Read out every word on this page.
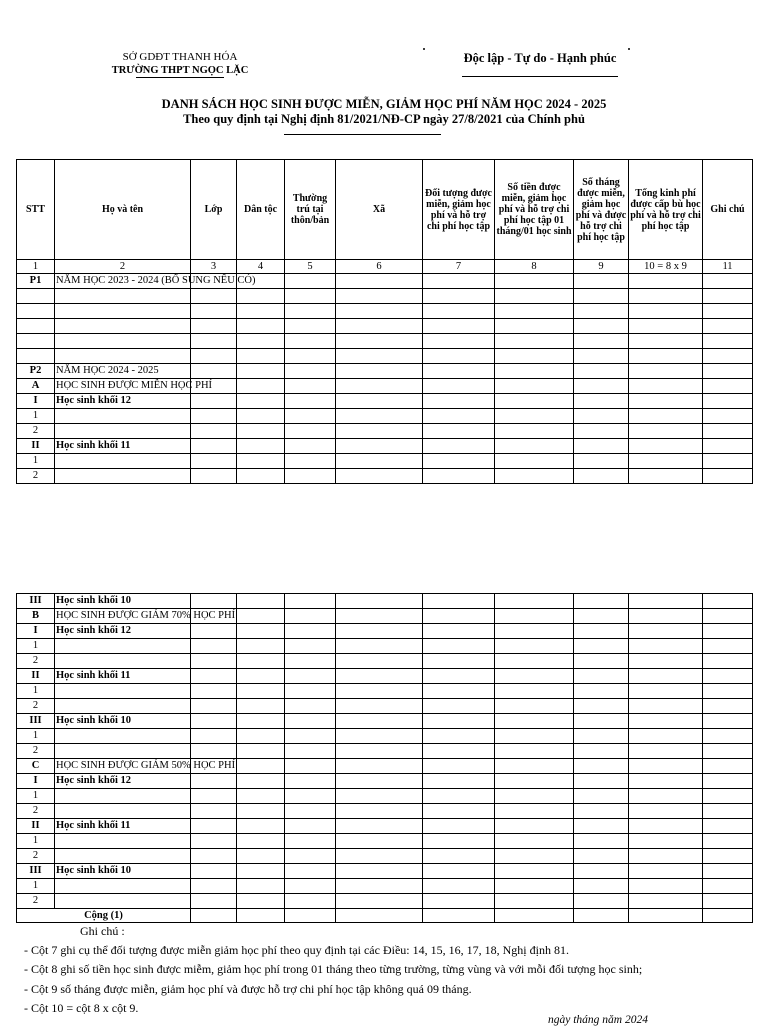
SỞ GDĐT THANH HÓA
TRƯỜNG THPT NGỌC LẶC
Độc lập - Tự do - Hạnh phúc
DANH SÁCH HỌC SINH ĐƯỢC MIỄN, GIẢM HỌC PHÍ NĂM HỌC 2024 - 2025
Theo quy định tại Nghị định 81/2021/NĐ-CP ngày 27/8/2021 của Chính phủ
STT	Họ và tên	Lớp	Dân tộc	Thường trú tại thôn/bản	Xã	Đối tượng được miễn, giảm học phí và hỗ trợ chi phí học tập	Số tiền được miễn, giảm học phí và hỗ trợ chi phí học tập 01 tháng/01 học sinh	Số tháng được miễn, giảm học phí và được hỗ trợ chi phí học tập	Tổng kinh phí được cấp bù học phí và hỗ trợ chi phí học tập	Ghi chú
1	2	3	4	5	6	7	8	9	10 = 8 x 9	11
P1	NĂM HỌC 2023 - 2024 (BỔ SUNG NẾU CÓ)									

P2	NĂM HỌC 2024 - 2025									
A	HỌC SINH ĐƯỢC MIỄN HỌC PHÍ									
I	Học sinh khối 12									
1										
2										
II	Học sinh khối 11									
1										
2										
III	Học sinh khối 10									
B	HỌC SINH ĐƯỢC GIẢM 70% HỌC PHÍ									
I	Học sinh khối 12									
1										
2										
II	Học sinh khối 11									
1										
2										
III	Học sinh khối 10									
1										
2										
C	HỌC SINH ĐƯỢC GIẢM 50% HỌC PHÍ									
I	Học sinh khối 12									
1										
2										
II	Học sinh khối 11									
1										
2										
III	Học sinh khối 10									
1										
2										
Cộng (1)										
Ghi chú :
- Cột 7 ghi cụ thể đối tượng được miễn giảm học phí theo quy định tại các Điều: 14, 15, 16, 17, 18, Nghị định 81.
- Cột 8 ghi số tiền học sinh được miễm, giảm học phí trong 01 tháng theo từng trường, từng vùng và với mỗi đối tượng học sinh;
- Cột 9 số tháng được miễn, giảm học phí và được hỗ trợ chi phí học tập không quá 09 tháng.
- Cột 10 = cột 8 x cột 9.
ngày tháng năm 2024
